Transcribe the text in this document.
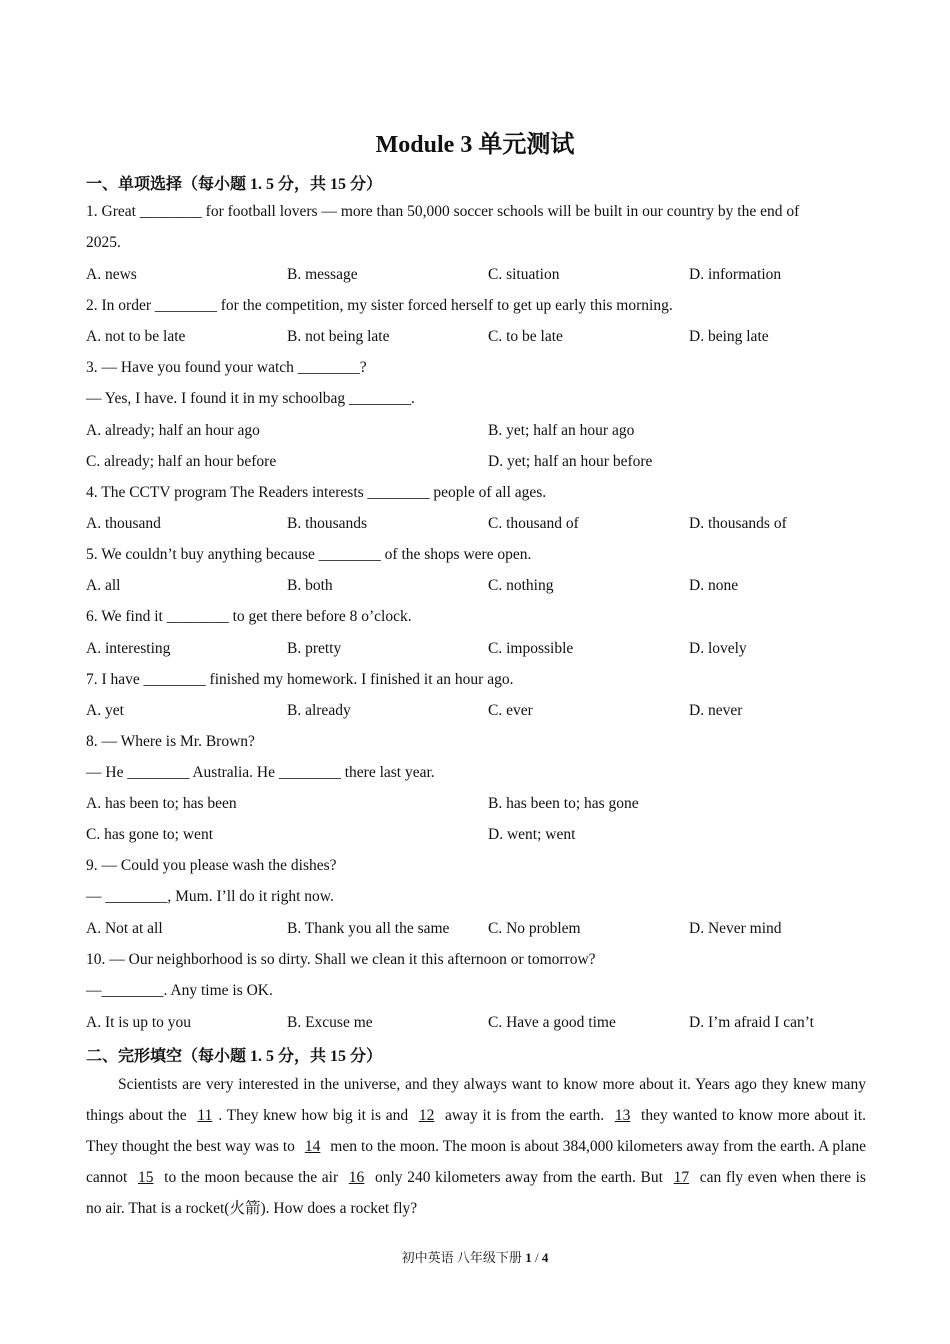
Module 3 单元测试
一、单项选择（每小题 1. 5 分，共 15 分）
1. Great ________ for football lovers — more than 50,000 soccer schools will be built in our country by the end of
2025.
A. news	B. message	C. situation	D. information
2. In order ________ for the competition, my sister forced herself to get up early this morning.
A. not to be late	B. not being late	C. to be late	D. being late
3. — Have you found your watch ________?
— Yes, I have. I found it in my schoolbag ________.
A. already; half an hour ago	B. yet; half an hour ago
C. already; half an hour before	D. yet; half an hour before
4. The CCTV program The Readers interests ________ people of all ages.
A. thousand	B. thousands	C. thousand of	D. thousands of
5. We couldn’t buy anything because ________ of the shops were open.
A. all	B. both	C. nothing	D. none
6. We find it ________ to get there before 8 o’clock.
A. interesting	B. pretty	C. impossible	D. lovely
7. I have ________ finished my homework. I finished it an hour ago.
A. yet	B. already	C. ever	D. never
8. — Where is Mr. Brown?
— He ________ Australia. He ________ there last year.
A. has been to; has been	B. has been to; has gone
C. has gone to; went	D. went; went
9. — Could you please wash the dishes?
— ________, Mum. I’ll do it right now.
A. Not at all	B. Thank you all the same C. No problem	D. Never mind
10. — Our neighborhood is so dirty. Shall we clean it this afternoon or tomorrow?
—________. Any time is OK.
A. It is up to you	B. Excuse me	C. Have a good time	D. I’m afraid I can’t
二、完形填空（每小题 1. 5 分，共 15 分）
Scientists are very interested in the universe, and they always want to know more about it. Years ago they knew many things about the 11 . They knew how big it is and 12 away it is from the earth. 13 they wanted to know more about it. They thought the best way was to 14 men to the moon. The moon is about 384,000 kilometers away from the earth. A plane cannot 15 to the moon because the air 16 only 240 kilometers away from the earth. But 17 can fly even when there is no air. That is a rocket(火箭). How does a rocket fly?
初中英语 八年级下册 1 / 4
